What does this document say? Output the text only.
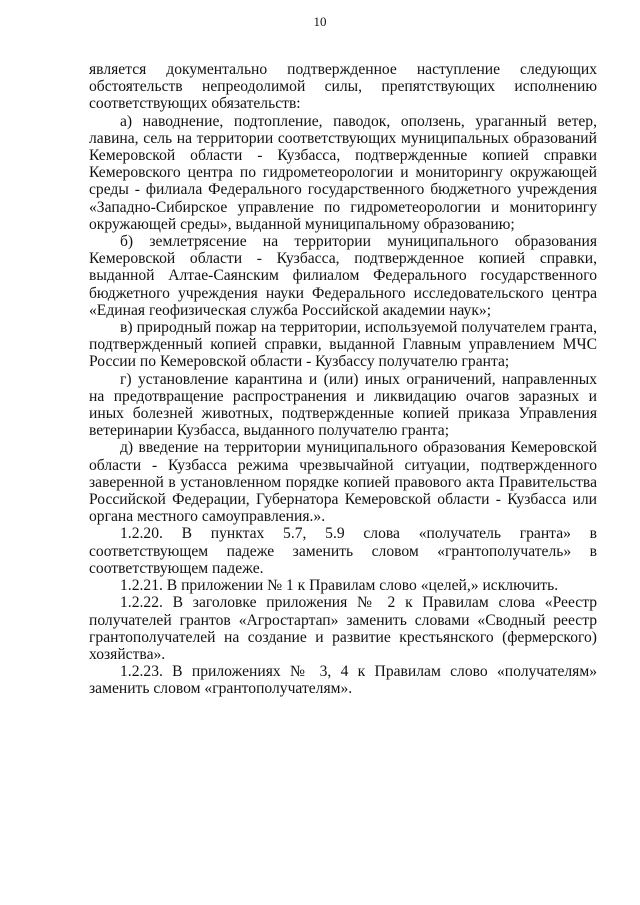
10

является документально подтвержденное наступление следующих обстоятельств непреодолимой силы, препятствующих исполнению соответствующих обязательств:

а) наводнение, подтопление, паводок, оползень, ураганный ветер, лавина, сель на территории соответствующих муниципальных образований Кемеровской области - Кузбасса, подтвержденные копией справки Кемеровского центра по гидрометеорологии и мониторингу окружающей среды - филиала Федерального государственного бюджетного учреждения «Западно-Сибирское управление по гидрометеорологии и мониторингу окружающей среды», выданной муниципальному образованию;

б) землетрясение на территории муниципального образования Кемеровской области - Кузбасса, подтвержденное копией справки, выданной Алтае-Саянским филиалом Федерального государственного бюджетного учреждения науки Федерального исследовательского центра «Единая геофизическая служба Российской академии наук»;

в) природный пожар на территории, используемой получателем гранта, подтвержденный копией справки, выданной Главным управлением МЧС России по Кемеровской области - Кузбассу получателю гранта;

г) установление карантина и (или) иных ограничений, направленных на предотвращение распространения и ликвидацию очагов заразных и иных болезней животных, подтвержденные копией приказа Управления ветеринарии Кузбасса, выданного получателю гранта;

д) введение на территории муниципального образования Кемеровской области - Кузбасса режима чрезвычайной ситуации, подтвержденного заверенной в установленном порядке копией правового акта Правительства Российской Федерации, Губернатора Кемеровской области - Кузбасса или органа местного самоуправления.».

1.2.20. В пунктах 5.7, 5.9 слова «получатель гранта» в соответствующем падеже заменить словом «грантополучатель» в соответствующем падеже.

1.2.21. В приложении № 1 к Правилам слово «целей,» исключить.

1.2.22. В заголовке приложения № 2 к Правилам слова «Реестр получателей грантов «Агростартап» заменить словами «Сводный реестр грантополучателей на создание и развитие крестьянского (фермерского) хозяйства».

1.2.23. В приложениях № 3, 4 к Правилам слово «получателям» заменить словом «грантополучателям».
